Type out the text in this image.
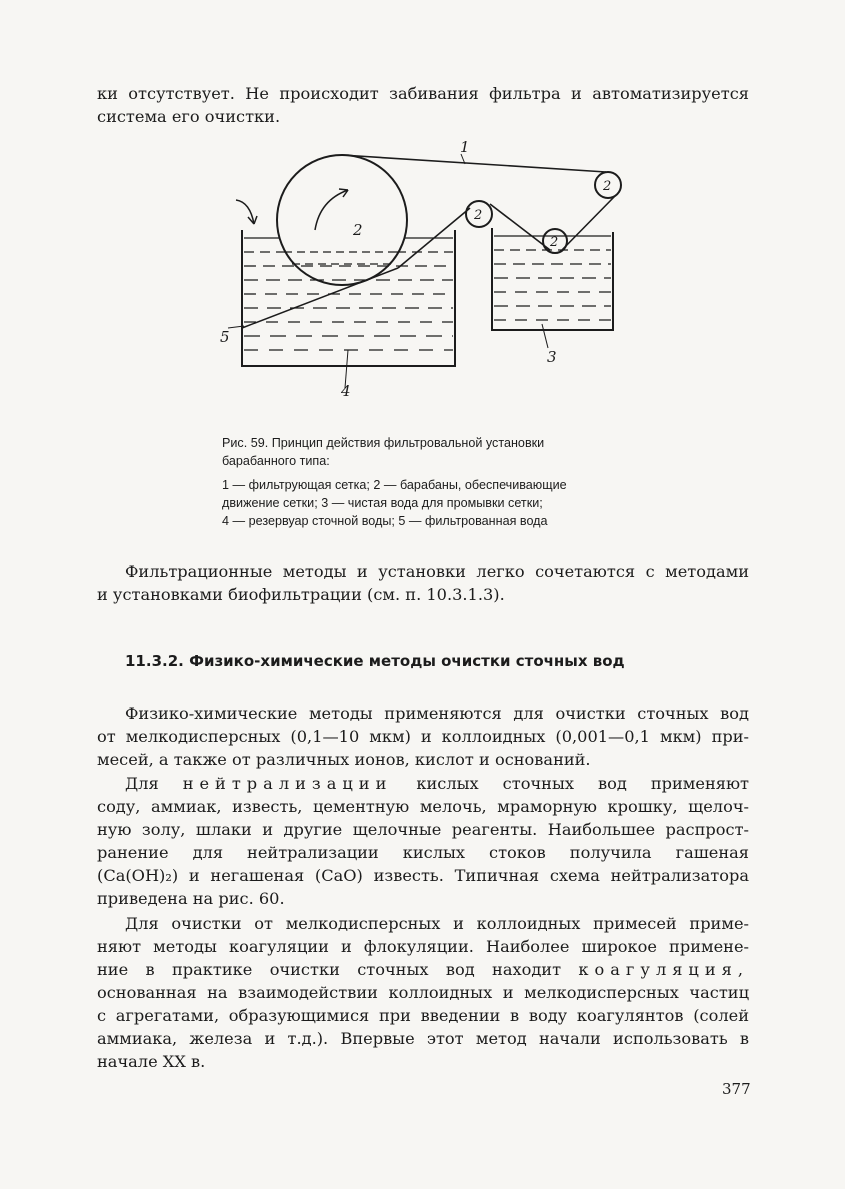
ки отсутствует. Не происходит забивания фильтра и автоматизируется
система его очистки.

1
2
2
2
2
3
4
5

Рис. 59. Принцип действия фильтровальной установки
барабанного типа:
1 — фильтрующая сетка; 2 — барабаны, обеспечивающие
движение сетки; 3 — чистая вода для промывки сетки;
4 — резервуар сточной воды; 5 — фильтрованная вода

Фильтрационные методы и установки легко сочетаются с методами
и установками биофильтрации (см. п. 10.3.1.3).

11.3.2. Физико-химические методы очистки сточных вод

Физико-химические методы применяются для очистки сточных вод
от мелкодисперсных (0,1—10 мкм) и коллоидных (0,001—0,1 мкм) при-
месей, а также от различных ионов, кислот и оснований.

Для нейтрализации кислых сточных вод применяют
соду, аммиак, известь, цементную мелочь, мраморную крошку, щелоч-
ную золу, шлаки и другие щелочные реагенты. Наибольшее распрост-
ранение для нейтрализации кислых стоков получила гашеная
(Ca(OH)₂) и негашеная (CaO) известь. Типичная схема нейтрализатора
приведена на рис. 60.

Для очистки от мелкодисперсных и коллоидных примесей приме-
няют методы коагуляции и флокуляции. Наиболее широкое примене-
ние в практике очистки сточных вод находит коагуляция,
основанная на взаимодействии коллоидных и мелкодисперсных частиц
с агрегатами, образующимися при введении в воду коагулянтов (солей
аммиака, железа и т.д.). Впервые этот метод начали использовать в
начале XX в.

377
